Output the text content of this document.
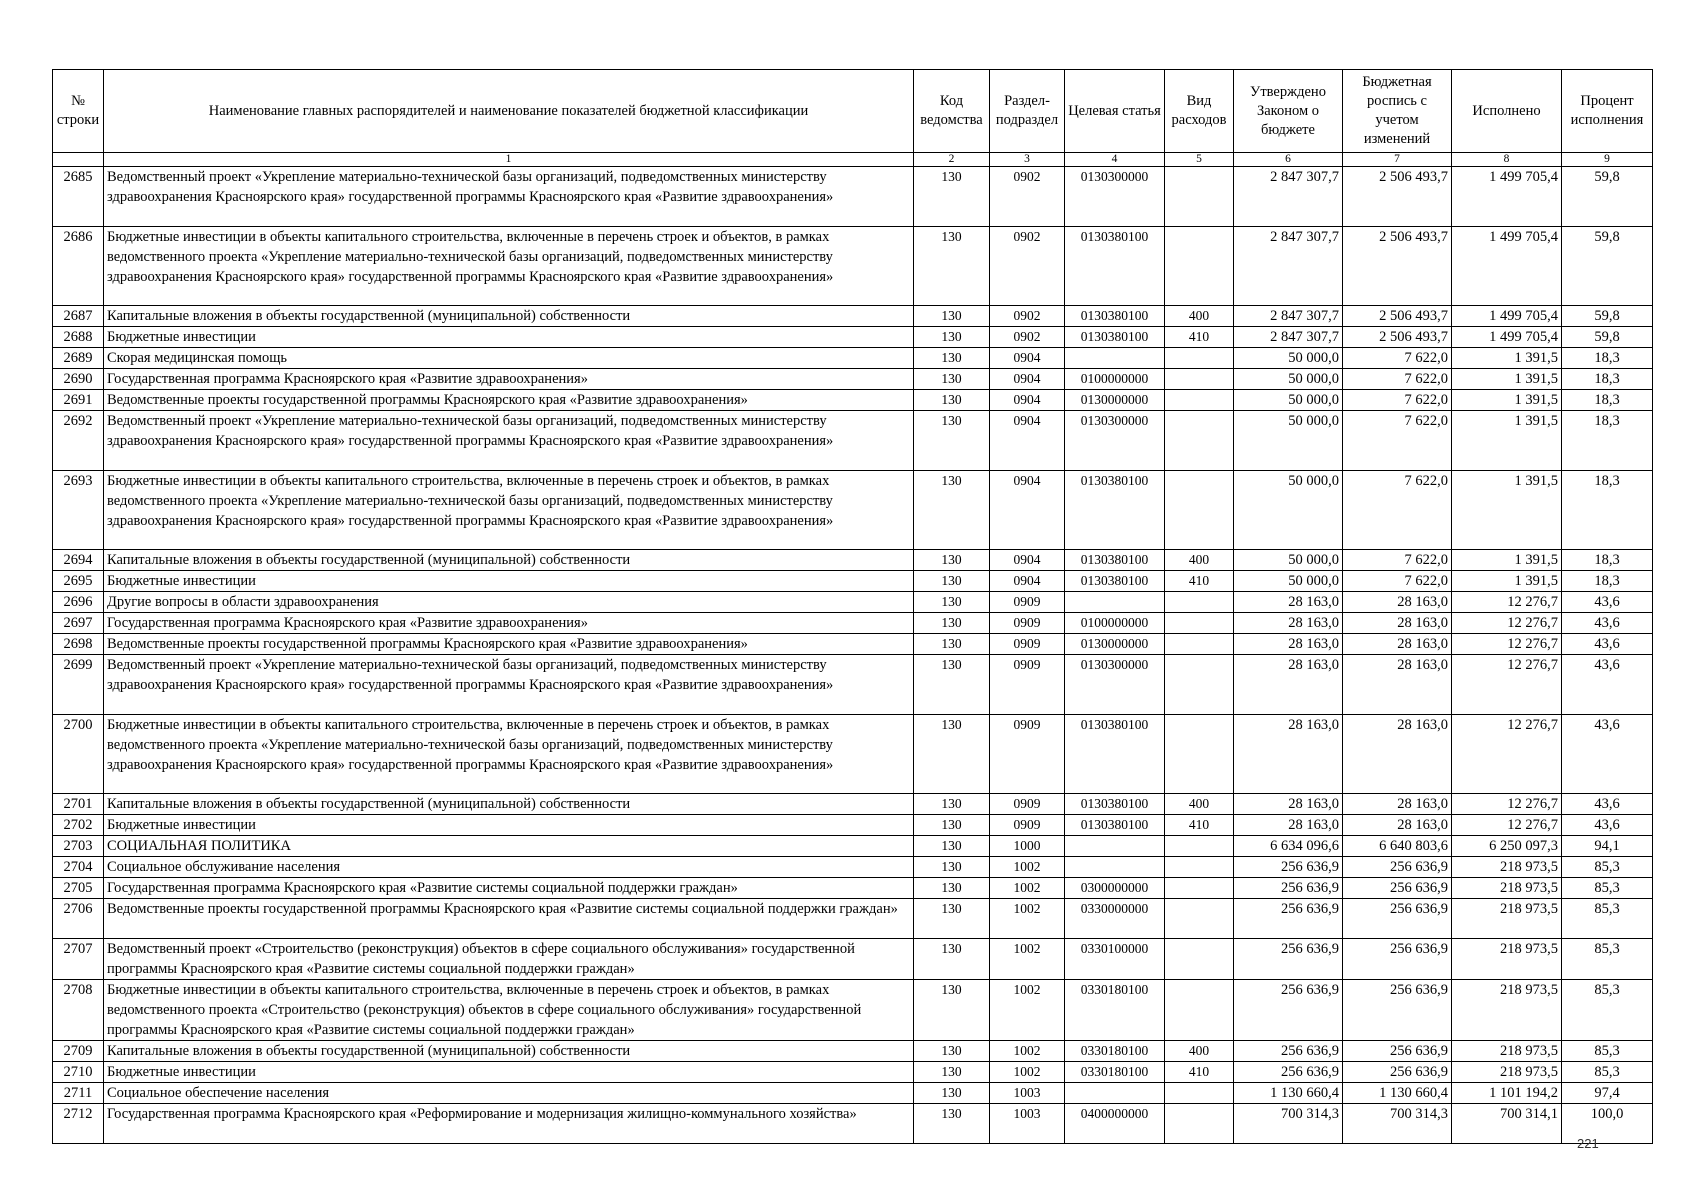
№ строки	Наименование главных распорядителей и наименование показателей бюджетной классификации	Код ведомства	Раздел-подраздел	Целевая статья	Вид расходов	Утверждено Законом о бюджете	Бюджетная роспись с учетом изменений	Исполнено	Процент исполнения
	1	2	3	4	5	6	7	8	9
2685	Ведомственный проект «Укрепление материально-технической базы организаций, подведомственных министерству здравоохранения Красноярского края» государственной программы Красноярского края «Развитие здравоохранения»	130	0902	0130300000		2 847 307,7	2 506 493,7	1 499 705,4	59,8
2686	Бюджетные инвестиции в объекты капитального строительства, включенные в перечень строек и объектов, в рамках ведомственного проекта «Укрепление материально-технической базы организаций, подведомственных министерству здравоохранения Красноярского края» государственной программы Красноярского края «Развитие здравоохранения»	130	0902	0130380100		2 847 307,7	2 506 493,7	1 499 705,4	59,8
2687	Капитальные вложения в объекты государственной (муниципальной) собственности	130	0902	0130380100	400	2 847 307,7	2 506 493,7	1 499 705,4	59,8
2688	Бюджетные инвестиции	130	0902	0130380100	410	2 847 307,7	2 506 493,7	1 499 705,4	59,8
2689	Скорая медицинская помощь	130	0904			50 000,0	7 622,0	1 391,5	18,3
2690	Государственная программа Красноярского края «Развитие здравоохранения»	130	0904	0100000000		50 000,0	7 622,0	1 391,5	18,3
2691	Ведомственные проекты государственной программы Красноярского края «Развитие здравоохранения»	130	0904	0130000000		50 000,0	7 622,0	1 391,5	18,3
2692	Ведомственный проект «Укрепление материально-технической базы организаций, подведомственных министерству здравоохранения Красноярского края» государственной программы Красноярского края «Развитие здравоохранения»	130	0904	0130300000		50 000,0	7 622,0	1 391,5	18,3
2693	Бюджетные инвестиции в объекты капитального строительства, включенные в перечень строек и объектов, в рамках ведомственного проекта «Укрепление материально-технической базы организаций, подведомственных министерству здравоохранения Красноярского края» государственной программы Красноярского края «Развитие здравоохранения»	130	0904	0130380100		50 000,0	7 622,0	1 391,5	18,3
2694	Капитальные вложения в объекты государственной (муниципальной) собственности	130	0904	0130380100	400	50 000,0	7 622,0	1 391,5	18,3
2695	Бюджетные инвестиции	130	0904	0130380100	410	50 000,0	7 622,0	1 391,5	18,3
2696	Другие вопросы в области здравоохранения	130	0909			28 163,0	28 163,0	12 276,7	43,6
2697	Государственная программа Красноярского края «Развитие здравоохранения»	130	0909	0100000000		28 163,0	28 163,0	12 276,7	43,6
2698	Ведомственные проекты государственной программы Красноярского края «Развитие здравоохранения»	130	0909	0130000000		28 163,0	28 163,0	12 276,7	43,6
2699	Ведомственный проект «Укрепление материально-технической базы организаций, подведомственных министерству здравоохранения Красноярского края» государственной программы Красноярского края «Развитие здравоохранения»	130	0909	0130300000		28 163,0	28 163,0	12 276,7	43,6
2700	Бюджетные инвестиции в объекты капитального строительства, включенные в перечень строек и объектов, в рамках ведомственного проекта «Укрепление материально-технической базы организаций, подведомственных министерству здравоохранения Красноярского края» государственной программы Красноярского края «Развитие здравоохранения»	130	0909	0130380100		28 163,0	28 163,0	12 276,7	43,6
2701	Капитальные вложения в объекты государственной (муниципальной) собственности	130	0909	0130380100	400	28 163,0	28 163,0	12 276,7	43,6
2702	Бюджетные инвестиции	130	0909	0130380100	410	28 163,0	28 163,0	12 276,7	43,6
2703	СОЦИАЛЬНАЯ ПОЛИТИКА	130	1000			6 634 096,6	6 640 803,6	6 250 097,3	94,1
2704	Социальное обслуживание населения	130	1002			256 636,9	256 636,9	218 973,5	85,3
2705	Государственная программа Красноярского края «Развитие системы социальной поддержки граждан»	130	1002	0300000000		256 636,9	256 636,9	218 973,5	85,3
2706	Ведомственные проекты государственной программы Красноярского края «Развитие системы социальной поддержки граждан»	130	1002	0330000000		256 636,9	256 636,9	218 973,5	85,3
2707	Ведомственный проект «Строительство (реконструкция) объектов в сфере социального обслуживания» государственной программы Красноярского края «Развитие системы социальной поддержки граждан»	130	1002	0330100000		256 636,9	256 636,9	218 973,5	85,3
2708	Бюджетные инвестиции в объекты капитального строительства, включенные в перечень строек и объектов, в рамках ведомственного проекта «Строительство (реконструкция) объектов в сфере социального обслуживания» государственной программы Красноярского края «Развитие системы социальной поддержки граждан»	130	1002	0330180100		256 636,9	256 636,9	218 973,5	85,3
2709	Капитальные вложения в объекты государственной (муниципальной) собственности	130	1002	0330180100	400	256 636,9	256 636,9	218 973,5	85,3
2710	Бюджетные инвестиции	130	1002	0330180100	410	256 636,9	256 636,9	218 973,5	85,3
2711	Социальное обеспечение населения	130	1003			1 130 660,4	1 130 660,4	1 101 194,2	97,4
2712	Государственная программа Красноярского края «Реформирование и модернизация жилищно-коммунального хозяйства»	130	1003	0400000000		700 314,3	700 314,3	700 314,1	100,0
221
